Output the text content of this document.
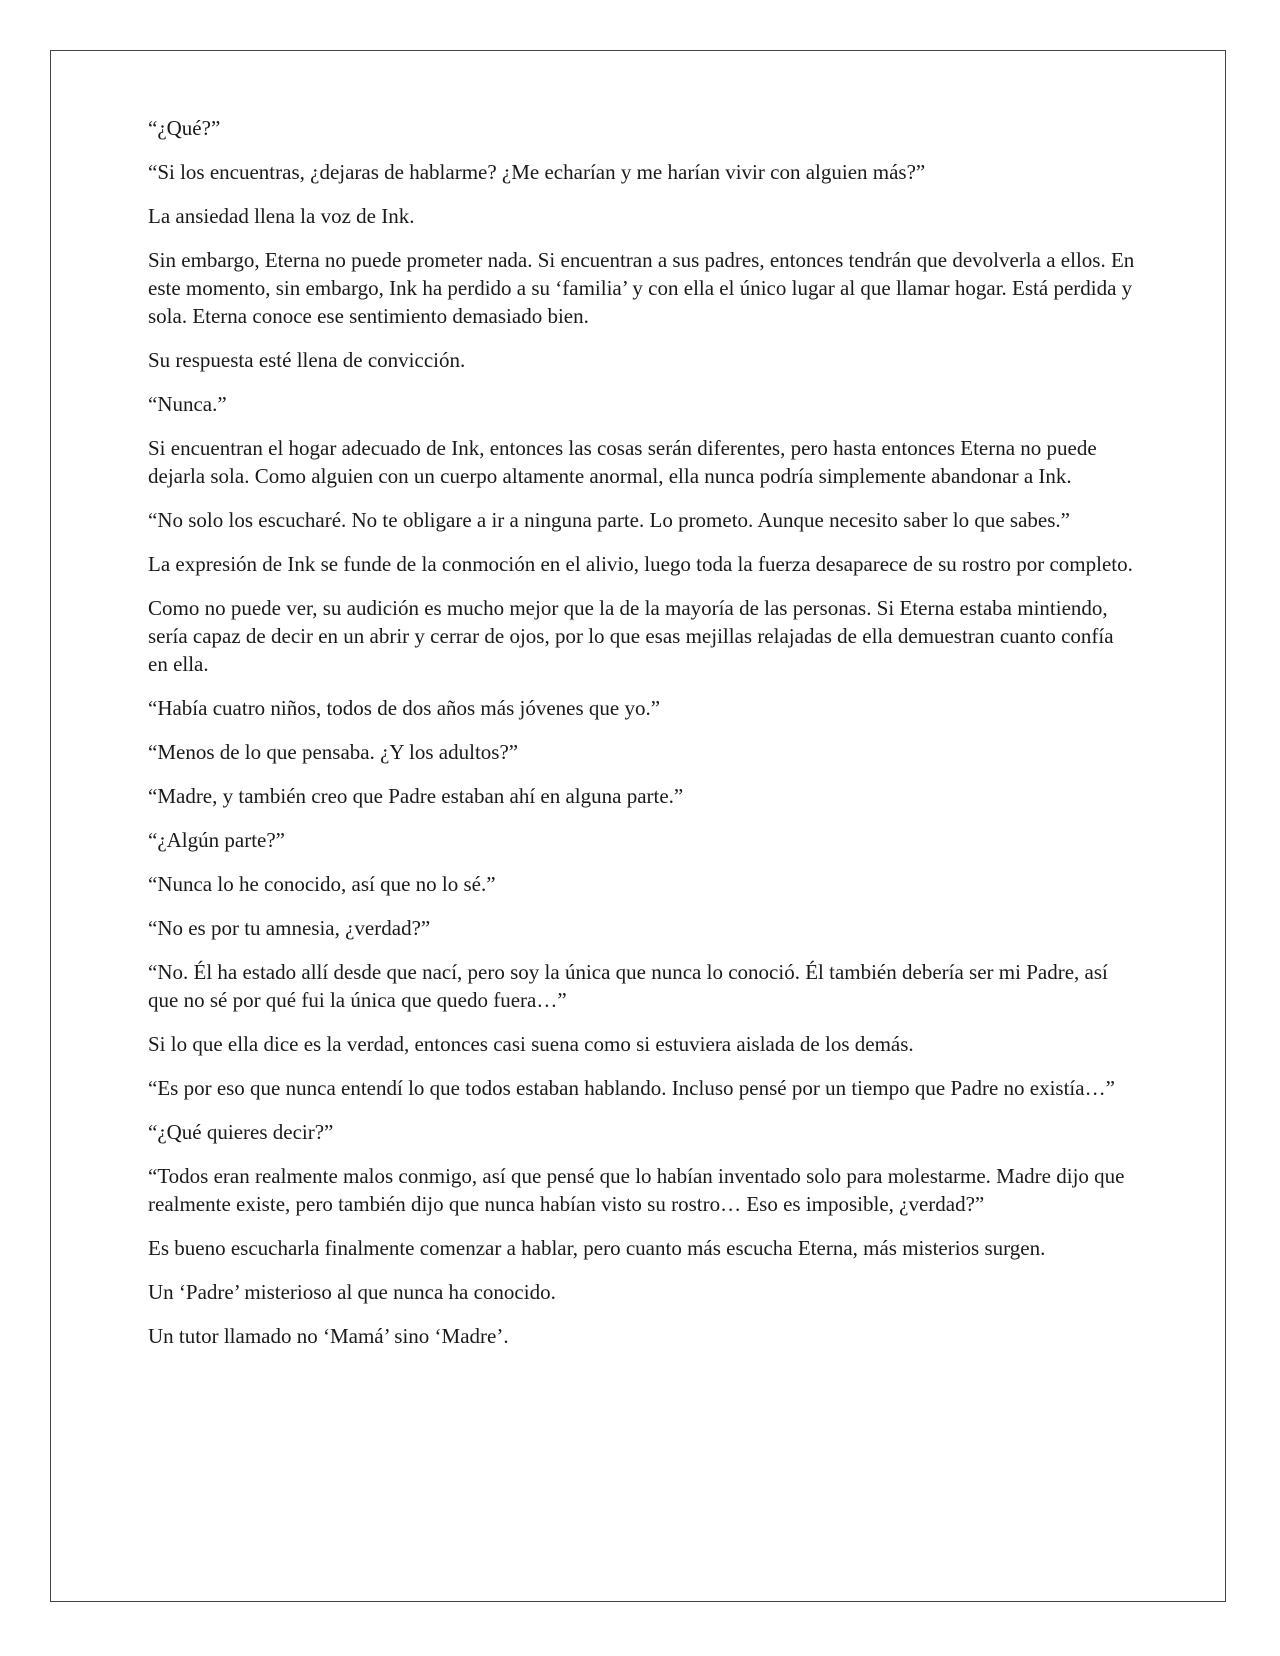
“¿Qué?”

“Si los encuentras, ¿dejaras de hablarme? ¿Me echarían y me harían vivir con alguien más?”

La ansiedad llena la voz de Ink.

Sin embargo, Eterna no puede prometer nada. Si encuentran a sus padres, entonces tendrán que devolverla a ellos. En este momento, sin embargo, Ink ha perdido a su ‘familia’ y con ella el único lugar al que llamar hogar. Está perdida y sola. Eterna conoce ese sentimiento demasiado bien.

Su respuesta esté llena de convicción.

“Nunca.”

Si encuentran el hogar adecuado de Ink, entonces las cosas serán diferentes, pero hasta entonces Eterna no puede dejarla sola. Como alguien con un cuerpo altamente anormal, ella nunca podría simplemente abandonar a Ink.

“No solo los escucharé. No te obligare a ir a ninguna parte. Lo prometo. Aunque necesito saber lo que sabes.”

La expresión de Ink se funde de la conmoción en el alivio, luego toda la fuerza desaparece de su rostro por completo.

Como no puede ver, su audición es mucho mejor que la de la mayoría de las personas. Si Eterna estaba mintiendo, sería capaz de decir en un abrir y cerrar de ojos, por lo que esas mejillas relajadas de ella demuestran cuanto confía en ella.

“Había cuatro niños, todos de dos años más jóvenes que yo.”

“Menos de lo que pensaba. ¿Y los adultos?”

“Madre, y también creo que Padre estaban ahí en alguna parte.”

“¿Algún parte?”

“Nunca lo he conocido, así que no lo sé.”

“No es por tu amnesia, ¿verdad?”

“No. Él ha estado allí desde que nací, pero soy la única que nunca lo conoció. Él también debería ser mi Padre, así que no sé por qué fui la única que quedo fuera…”

Si lo que ella dice es la verdad, entonces casi suena como si estuviera aislada de los demás.

“Es por eso que nunca entendí lo que todos estaban hablando. Incluso pensé por un tiempo que Padre no existía…”

“¿Qué quieres decir?”

“Todos eran realmente malos conmigo, así que pensé que lo habían inventado solo para molestarme. Madre dijo que realmente existe, pero también dijo que nunca habían visto su rostro… Eso es imposible, ¿verdad?”

Es bueno escucharla finalmente comenzar a hablar, pero cuanto más escucha Eterna, más misterios surgen.

Un ‘Padre’ misterioso al que nunca ha conocido.

Un tutor llamado no ‘Mamá’ sino ‘Madre’.
